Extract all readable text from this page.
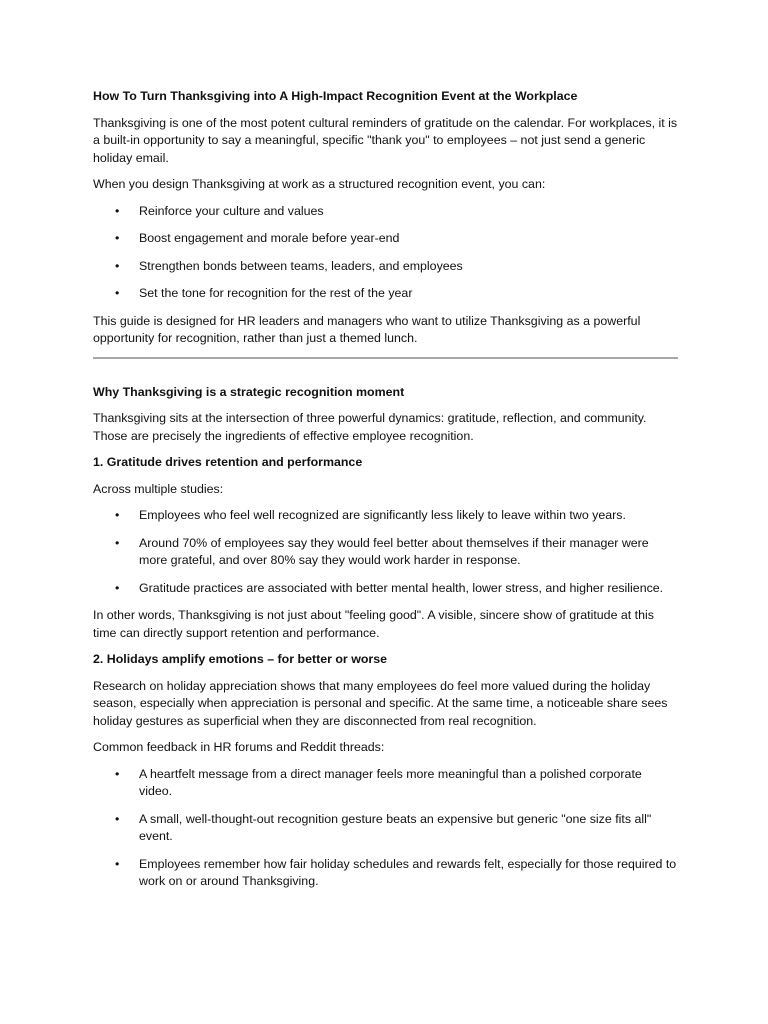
How To Turn Thanksgiving into A High-Impact Recognition Event at the Workplace

Thanksgiving is one of the most potent cultural reminders of gratitude on the calendar. For workplaces, it is a built-in opportunity to say a meaningful, specific "thank you" to employees – not just send a generic holiday email.

When you design Thanksgiving at work as a structured recognition event, you can:

• Reinforce your culture and values
• Boost engagement and morale before year-end
• Strengthen bonds between teams, leaders, and employees
• Set the tone for recognition for the rest of the year

This guide is designed for HR leaders and managers who want to utilize Thanksgiving as a powerful opportunity for recognition, rather than just a themed lunch.

Why Thanksgiving is a strategic recognition moment

Thanksgiving sits at the intersection of three powerful dynamics: gratitude, reflection, and community. Those are precisely the ingredients of effective employee recognition.

1. Gratitude drives retention and performance

Across multiple studies:

• Employees who feel well recognized are significantly less likely to leave within two years.
• Around 70% of employees say they would feel better about themselves if their manager were more grateful, and over 80% say they would work harder in response.
• Gratitude practices are associated with better mental health, lower stress, and higher resilience.

In other words, Thanksgiving is not just about "feeling good". A visible, sincere show of gratitude at this time can directly support retention and performance.

2. Holidays amplify emotions – for better or worse

Research on holiday appreciation shows that many employees do feel more valued during the holiday season, especially when appreciation is personal and specific. At the same time, a noticeable share sees holiday gestures as superficial when they are disconnected from real recognition.

Common feedback in HR forums and Reddit threads:

• A heartfelt message from a direct manager feels more meaningful than a polished corporate video.
• A small, well-thought-out recognition gesture beats an expensive but generic "one size fits all" event.
• Employees remember how fair holiday schedules and rewards felt, especially for those required to work on or around Thanksgiving.
